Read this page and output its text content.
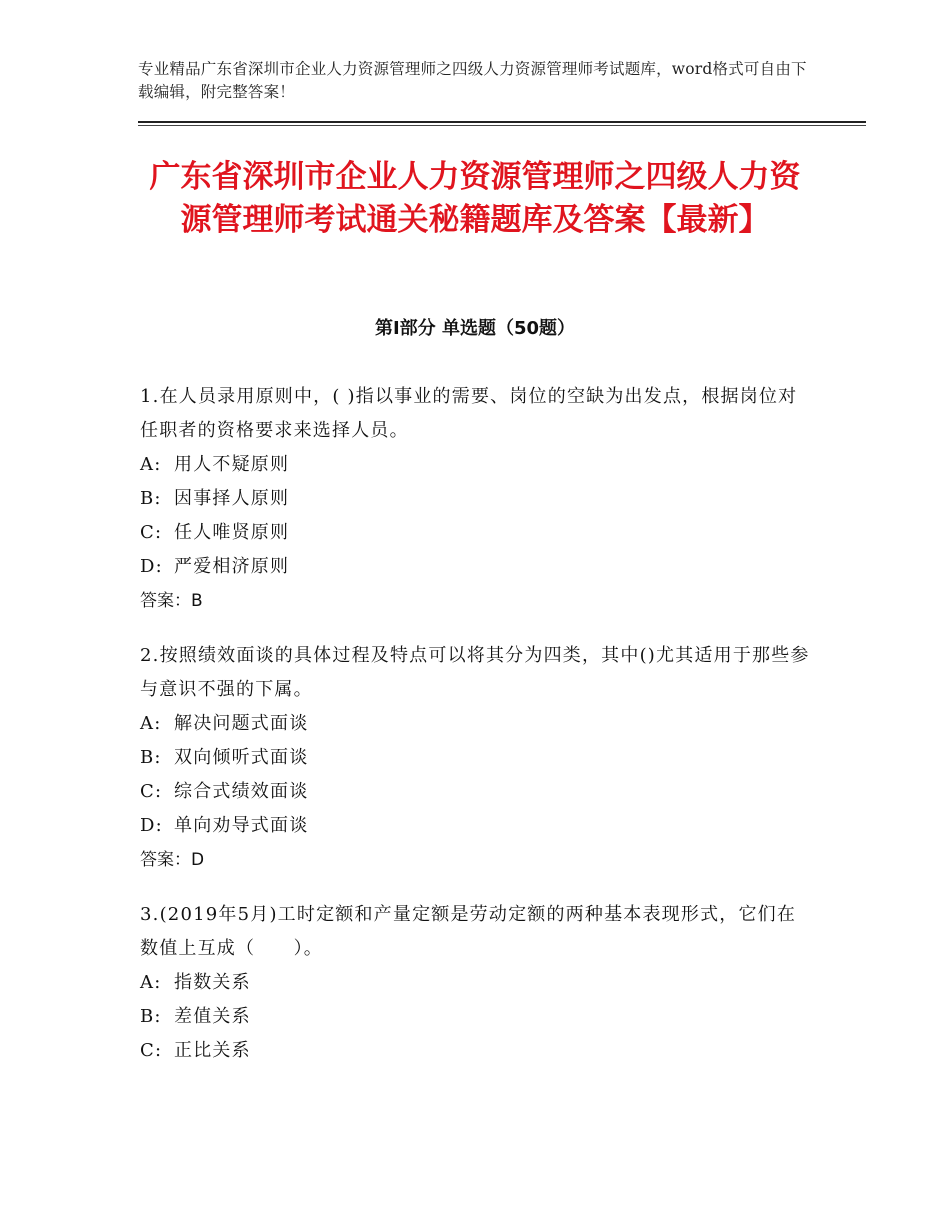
专业精品广东省深圳市企业人力资源管理师之四级人力资源管理师考试题库，word格式可自由下载编辑，附完整答案！
广东省深圳市企业人力资源管理师之四级人力资源管理师考试通关秘籍题库及答案【最新】
第Ⅰ部分 单选题（50题）

1.在人员录用原则中，( )指以事业的需要、岗位的空缺为出发点，根据岗位对任职者的资格要求来选择人员。

A: 用人不疑原则

B: 因事择人原则

C: 任人唯贤原则

D: 严爱相济原则

答案：B

2.按照绩效面谈的具体过程及特点可以将其分为四类，其中()尤其适用于那些参与意识不强的下属。

A: 解决问题式面谈

B: 双向倾听式面谈

C: 综合式绩效面谈

D: 单向劝导式面谈

答案：D

3.(2019年5月)工时定额和产量定额是劳动定额的两种基本表现形式，它们在数值上互成（　　）。

A: 指数关系

B: 差值关系

C: 正比关系
